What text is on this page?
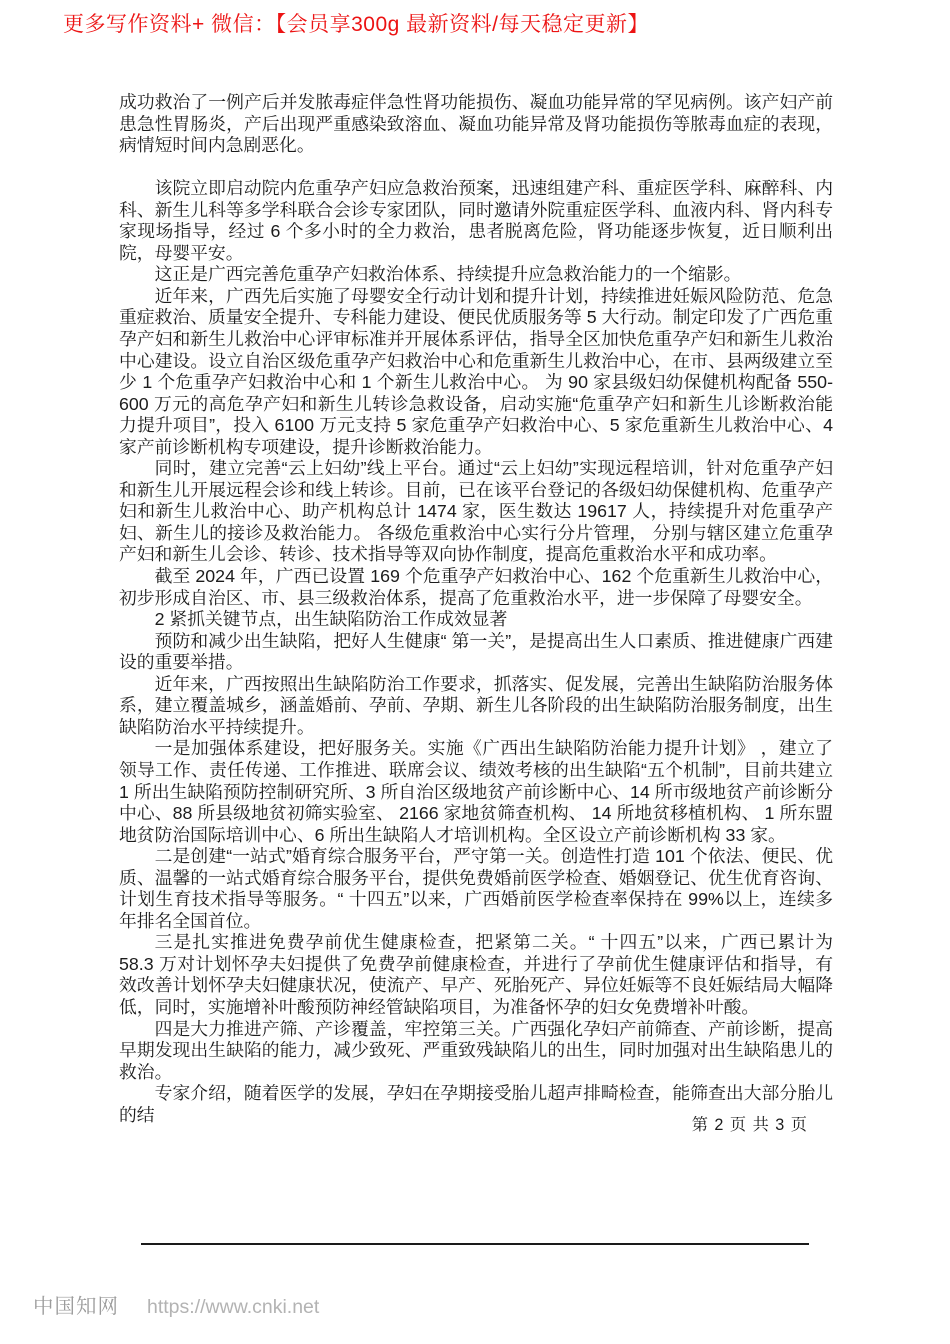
更多写作资料+ 微信：【会员享300g 最新资料/每天稳定更新】

成功救治了一例产后并发脓毒症伴急性肾功能损伤、凝血功能异常的罕见病例。该产妇产前患急性胃肠炎，产后出现严重感染致溶血、凝血功能异常及肾功能损伤等脓毒血症的表现，病情短时间内急剧恶化。

该院立即启动院内危重孕产妇应急救治预案，迅速组建产科、重症医学科、麻醉科、内科、新生儿科等多学科联合会诊专家团队，同时邀请外院重症医学科、血液内科、肾内科专家现场指导，经过 6 个多小时的全力救治，患者脱离危险，肾功能逐步恢复，近日顺利出院，母婴平安。

这正是广西完善危重孕产妇救治体系、持续提升应急救治能力的一个缩影。

近年来，广西先后实施了母婴安全行动计划和提升计划，持续推进妊娠风险防范、危急重症救治、质量安全提升、专科能力建设、便民优质服务等 5 大行动。制定印发了广西危重孕产妇和新生儿救治中心评审标准并开展体系评估，指导全区加快危重孕产妇和新生儿救治中心建设。设立自治区级危重孕产妇救治中心和危重新生儿救治中心，在市、县两级建立至少 1 个危重孕产妇救治中心和 1 个新生儿救治中心。 为 90 家县级妇幼保健机构配备 550-600 万元的高危孕产妇和新生儿转诊急救设备，启动实施“危重孕产妇和新生儿诊断救治能力提升项目”，投入 6100 万元支持 5 家危重孕产妇救治中心、5 家危重新生儿救治中心、4 家产前诊断机构专项建设，提升诊断救治能力。

同时，建立完善“云上妇幼”线上平台。通过“云上妇幼”实现远程培训，针对危重孕产妇和新生儿开展远程会诊和线上转诊。目前，已在该平台登记的各级妇幼保健机构、危重孕产妇和新生儿救治中心、助产机构总计 1474 家，医生数达 19617 人，持续提升对危重孕产妇、新生儿的接诊及救治能力。 各级危重救治中心实行分片管理， 分别与辖区建立危重孕产妇和新生儿会诊、转诊、技术指导等双向协作制度，提高危重救治水平和成功率。

截至 2024 年，广西已设置 169 个危重孕产妇救治中心、162 个危重新生儿救治中心，初步形成自治区、市、县三级救治体系，提高了危重救治水平，进一步保障了母婴安全。

2 紧抓关键节点，出生缺陷防治工作成效显著

预防和减少出生缺陷，把好人生健康“ 第一关”，是提高出生人口素质、推进健康广西建设的重要举措。

近年来，广西按照出生缺陷防治工作要求，抓落实、促发展，完善出生缺陷防治服务体系，建立覆盖城乡，涵盖婚前、孕前、孕期、新生儿各阶段的出生缺陷防治服务制度，出生缺陷防治水平持续提升。

一是加强体系建设，把好服务关。实施《广西出生缺陷防治能力提升计划》 ，建立了领导工作、责任传递、工作推进、联席会议、绩效考核的出生缺陷“五个机制”，目前共建立 1 所出生缺陷预防控制研究所、3 所自治区级地贫产前诊断中心、14 所市级地贫产前诊断分中心、88 所县级地贫初筛实验室、 2166 家地贫筛查机构、 14 所地贫移植机构、 1 所东盟地贫防治国际培训中心、6 所出生缺陷人才培训机构。全区设立产前诊断机构 33 家。

二是创建“一站式”婚育综合服务平台，严守第一关。创造性打造 101 个依法、便民、优质、温馨的一站式婚育综合服务平台，提供免费婚前医学检查、婚姻登记、优生优育咨询、计划生育技术指导等服务。“ 十四五”以来，广西婚前医学检查率保持在 99%以上，连续多年排名全国首位。

三是扎实推进免费孕前优生健康检查，把紧第二关。“ 十四五”以来，广西已累计为 58.3 万对计划怀孕夫妇提供了免费孕前健康检查，并进行了孕前优生健康评估和指导，有效改善计划怀孕夫妇健康状况，使流产、早产、死胎死产、异位妊娠等不良妊娠结局大幅降低，同时，实施增补叶酸预防神经管缺陷项目，为准备怀孕的妇女免费增补叶酸。

四是大力推进产筛、产诊覆盖，牢控第三关。广西强化孕妇产前筛查、产前诊断，提高早期发现出生缺陷的能力，减少致死、严重致残缺陷儿的出生，同时加强对出生缺陷患儿的救治。

专家介绍，随着医学的发展，孕妇在孕期接受胎儿超声排畸检查，能筛查出大部分胎儿的结

第 2 页 共 3 页
中国知网 https://www.cnki.net
